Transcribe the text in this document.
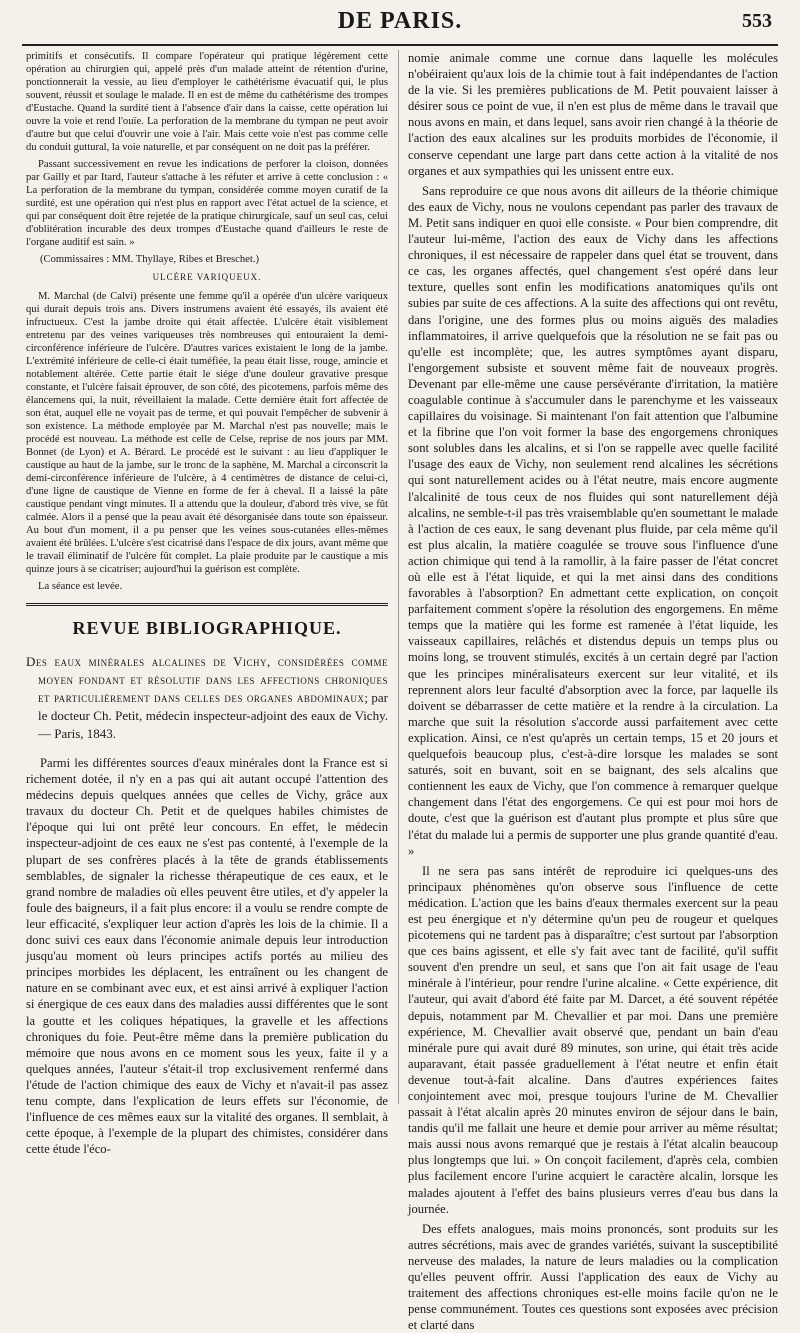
DE PARIS.	553

primitifs et consécutifs. Il compare l'opérateur qui pratique légèrement cette opération au chirurgien qui, appelé près d'un malade atteint de rétention d'urine, ponctionnerait la vessie, au lieu d'employer le cathétérisme évacuatif qui, le plus souvent, réussit et soulage le malade. Il en est de même du cathétérisme des trompes d'Eustache. Quand la surdité tient à l'absence d'air dans la caisse, cette opération lui ouvre la voie et rend l'ouïe. La perforation de la membrane du tympan ne peut avoir d'autre but que celui d'ouvrir une voie à l'air. Mais cette voie n'est pas comme celle du conduit guttural, la voie naturelle, et par conséquent on ne doit pas la préférer.

Passant successivement en revue les indications de perforer la cloison, données par Gailly et par Itard, l'auteur s'attache à les réfuter et arrive à cette conclusion : « La perforation de la membrane du tympan, considérée comme moyen curatif de la surdité, est une opération qui n'est plus en rapport avec l'état actuel de la science, et qui par conséquent doit être rejetée de la pratique chirurgicale, sauf un seul cas, celui d'oblitération incurable des deux trompes d'Eustache quand d'ailleurs le reste de l'organe auditif est sain. »

(Commissaires : MM. Thyllaye, Ribes et Breschet.)
ULCÈRE VARIQUEUX.

M. Marchal (de Calvi) présente une femme qu'il a opérée d'un ulcère variqueux qui durait depuis trois ans. Divers instrumens avaient été essayés, ils avaient été infructueux. C'est la jambe droite qui était affectée. L'ulcère était visiblement entretenu par des veines variqueuses très nombreuses qui entouraient la demi-circonférence inférieure de l'ulcère. D'autres varices existaient le long de la jambe. L'extrémité inférieure de celle-ci était tuméfiée, la peau était lisse, rouge, amincie et notablement altérée. Cette partie était le siége d'une douleur gravative presque constante, et l'ulcère faisait éprouver, de son côté, des picotemens, parfois même des élancemens qui, la nuit, réveillaient la malade. Cette dernière était fort affectée de son état, auquel elle ne voyait pas de terme, et qui pouvait l'empêcher de subvenir à son existence. La méthode employée par M. Marchal n'est pas nouvelle; mais le procédé est nouveau. La méthode est celle de Celse, reprise de nos jours par MM. Bonnet (de Lyon) et A. Bérard. Le procédé est le suivant : au lieu d'appliquer le caustique au haut de la jambe, sur le tronc de la saphène, M. Marchal a circonscrit la demi-circonférence inférieure de l'ulcère, à 4 centimètres de distance de celui-ci, d'une ligne de caustique de Vienne en forme de fer à cheval. Il a laissé la pâte caustique pendant vingt minutes. Il a attendu que la douleur, d'abord très vive, se fût calmée. Alors il a pensé que la peau avait été désorganisée dans toute son épaisseur. Au bout d'un moment, il a pu penser que les veines sous-cutanées elles-mêmes avaient été brûlées. L'ulcère s'est cicatrisé dans l'espace de dix jours, avant même que le travail éliminatif de l'ulcère fût complet. La plaie produite par le caustique a mis quinze jours à se cicatriser; aujourd'hui la guérison est complète.

La séance est levée.

REVUE BIBLIOGRAPHIQUE.
Des eaux minérales alcalines de Vichy, considérées comme moyen fondant et résolutif dans les affections chroniques et particulièrement dans celles des organes abdominaux; par le docteur Ch. Petit, médecin inspecteur-adjoint des eaux de Vichy. — Paris, 1843.

Parmi les différentes sources d'eaux minérales dont la France est si richement dotée, il n'y en a pas qui ait autant occupé l'attention des médecins depuis quelques années que celles de Vichy, grâce aux travaux du docteur Ch. Petit et de quelques habiles chimistes de l'époque qui lui ont prêté leur concours. En effet, le médecin inspecteur-adjoint de ces eaux ne s'est pas contenté, à l'exemple de la plupart de ses confrères placés à la tête de grands établissements semblables, de signaler la richesse thérapeutique de ces eaux, et le grand nombre de maladies où elles peuvent être utiles, et d'y appeler la foule des baigneurs, il a fait plus encore: il a voulu se rendre compte de leur efficacité, s'expliquer leur action d'après les lois de la chimie. Il a donc suivi ces eaux dans l'économie animale depuis leur introduction jusqu'au moment où leurs principes actifs portés au milieu des principes morbides les déplacent, les entraînent ou les changent de nature en se combinant avec eux, et est ainsi arrivé à expliquer l'action si énergique de ces eaux dans des maladies aussi différentes que le sont la goutte et les coliques hépatiques, la gravelle et les affections chroniques du foie. Peut-être même dans la première publication du mémoire que nous avons en ce moment sous les yeux, faite il y a quelques années, l'auteur s'était-il trop exclusivement renfermé dans l'étude de l'action chimique des eaux de Vichy et n'avait-il pas assez tenu compte, dans l'explication de leurs effets sur l'économie, de l'influence de ces mêmes eaux sur la vitalité des organes. Il semblait, à cette époque, à l'exemple de la plupart des chimistes, considérer dans cette étude l'éco-

nomie animale comme une cornue dans laquelle les molécules n'obéiraient qu'aux lois de la chimie tout à fait indépendantes de l'action de la vie. Si les premières publications de M. Petit pouvaient laisser à désirer sous ce point de vue, il n'en est plus de même dans le travail que nous avons en main, et dans lequel, sans avoir rien changé à la théorie de l'action des eaux alcalines sur les produits morbides de l'économie, il conserve cependant une large part dans cette action à la vitalité de nos organes et aux sympathies qui les unissent entre eux.

Sans reproduire ce que nous avons dit ailleurs de la théorie chimique des eaux de Vichy, nous ne voulons cependant pas parler des travaux de M. Petit sans indiquer en quoi elle consiste. « Pour bien comprendre, dit l'auteur lui-même, l'action des eaux de Vichy dans les affections chroniques, il est nécessaire de rappeler dans quel état se trouvent, dans ce cas, les organes affectés, quel changement s'est opéré dans leur texture, quelles sont enfin les modifications anatomiques qu'ils ont subies par suite de ces affections. A la suite des affections qui ont revêtu, dans l'origine, une des formes plus ou moins aiguës des maladies inflammatoires, il arrive quelquefois que la résolution ne se fait pas ou qu'elle est incomplète; que, les autres symptômes ayant disparu, l'engorgement subsiste et souvent même fait de nouveaux progrès. Devenant par elle-même une cause persévérante d'irritation, la matière coagulable continue à s'accumuler dans le parenchyme et les vaisseaux capillaires du voisinage. Si maintenant l'on fait attention que l'albumine et la fibrine que l'on voit former la base des engorgemens chroniques sont solubles dans les alcalins, et si l'on se rappelle avec quelle facilité l'usage des eaux de Vichy, non seulement rend alcalines les sécrétions qui sont naturellement acides ou à l'état neutre, mais encore augmente l'alcalinité de tous ceux de nos fluides qui sont naturellement déjà alcalins, ne semble-t-il pas très vraisemblable qu'en soumettant le malade à l'action de ces eaux, le sang devenant plus fluide, par cela même qu'il est plus alcalin, la matière coagulée se trouve sous l'influence d'une action chimique qui tend à la ramollir, à la faire passer de l'état concret où elle est à l'état liquide, et qui la met ainsi dans des conditions favorables à l'absorption? En admettant cette explication, on conçoit parfaitement comment s'opère la résolution des engorgemens. En même temps que la matière qui les forme est ramenée à l'état liquide, les vaisseaux capillaires, relâchés et distendus depuis un temps plus ou moins long, se trouvent stimulés, excités à un certain degré par l'action que les principes minéralisateurs exercent sur leur vitalité, et ils reprennent alors leur faculté d'absorption avec la force, par laquelle ils doivent se débarrasser de cette matière et la rendre à la circulation. La marche que suit la résolution s'accorde aussi parfaitement avec cette explication. Ainsi, ce n'est qu'après un certain temps, 15 et 20 jours et quelquefois beaucoup plus, c'est-à-dire lorsque les malades se sont saturés, soit en buvant, soit en se baignant, des sels alcalins que contiennent les eaux de Vichy, que l'on commence à remarquer quelque changement dans l'état des engorgemens. Ce qui est pour moi hors de doute, c'est que la guérison est d'autant plus prompte et plus sûre que l'état du malade lui a permis de supporter une plus grande quantité d'eau. »

Il ne sera pas sans intérêt de reproduire ici quelques-uns des principaux phénomènes qu'on observe sous l'influence de cette médication. L'action que les bains d'eaux thermales exercent sur la peau est peu énergique et n'y détermine qu'un peu de rougeur et quelques picotemens qui ne tardent pas à disparaître; c'est surtout par l'absorption que ces bains agissent, et elle s'y fait avec tant de facilité, qu'il suffit souvent d'en prendre un seul, et sans que l'on ait fait usage de l'eau minérale à l'intérieur, pour rendre l'urine alcaline. « Cette expérience, dit l'auteur, qui avait d'abord été faite par M. Darcet, a été souvent répétée depuis, notamment par M. Chevallier et par moi. Dans une première expérience, M. Chevallier avait observé que, pendant un bain d'eau minérale pure qui avait duré 89 minutes, son urine, qui était très acide auparavant, était passée graduellement à l'état neutre et enfin était devenue tout-à-fait alcaline. Dans d'autres expériences faites conjointement avec moi, presque toujours l'urine de M. Chevallier passait à l'état alcalin après 20 minutes environ de séjour dans le bain, tandis qu'il me fallait une heure et demie pour arriver au même résultat; mais aussi nous avons remarqué que je restais à l'état alcalin beaucoup plus longtemps que lui. » On conçoit facilement, d'après cela, combien plus facilement encore l'urine acquiert le caractère alcalin, lorsque les malades ajoutent à l'effet des bains plusieurs verres d'eau bus dans la journée.

Des effets analogues, mais moins prononcés, sont produits sur les autres sécrétions, mais avec de grandes variétés, suivant la susceptibilité nerveuse des malades, la nature de leurs maladies ou la complication qu'elles peuvent offrir. Aussi l'application des eaux de Vichy au traitement des affections chroniques est-elle moins facile qu'on ne le pense communément. Toutes ces questions sont exposées avec précision et clarté dans
